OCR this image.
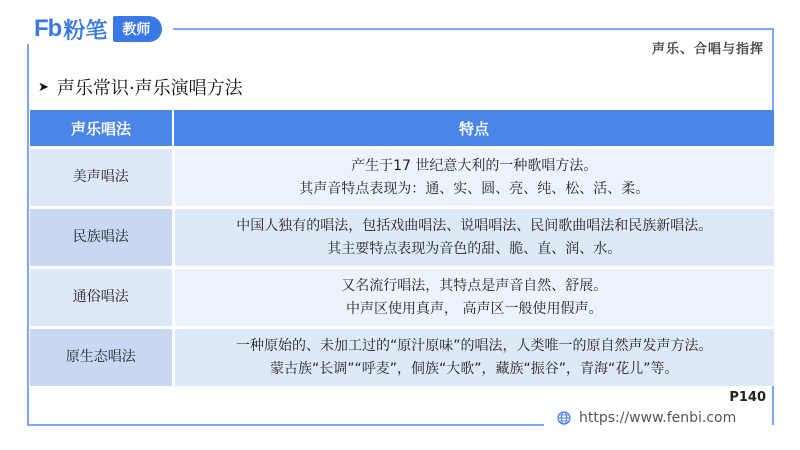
Fb 粉笔	教师
声乐、合唱与指挥
➤ 声乐常识·声乐演唱方法
声乐唱法	特点
美声唱法	产生于17 世纪意大利的一种歌唱方法。
其声音特点表现为：通、实、圆、亮、纯、松、活、柔。

民族唱法	中国人独有的唱法，包括戏曲唱法、说唱唱法、民间歌曲唱法和民族新唱法。
其主要特点表现为音色的甜、脆、直、润、水。

通俗唱法	又名流行唱法，其特点是声音自然、舒展。
中声区使用真声， 高声区一般使用假声。

原生态唱法	一种原始的、未加工过的“原汁原味”的唱法，人类唯一的原自然声发声方法。
蒙古族“长调”“呼麦”，侗族“大歌”，藏族“振谷”，青海“花儿”等。
P140
https://www.fenbi.com
